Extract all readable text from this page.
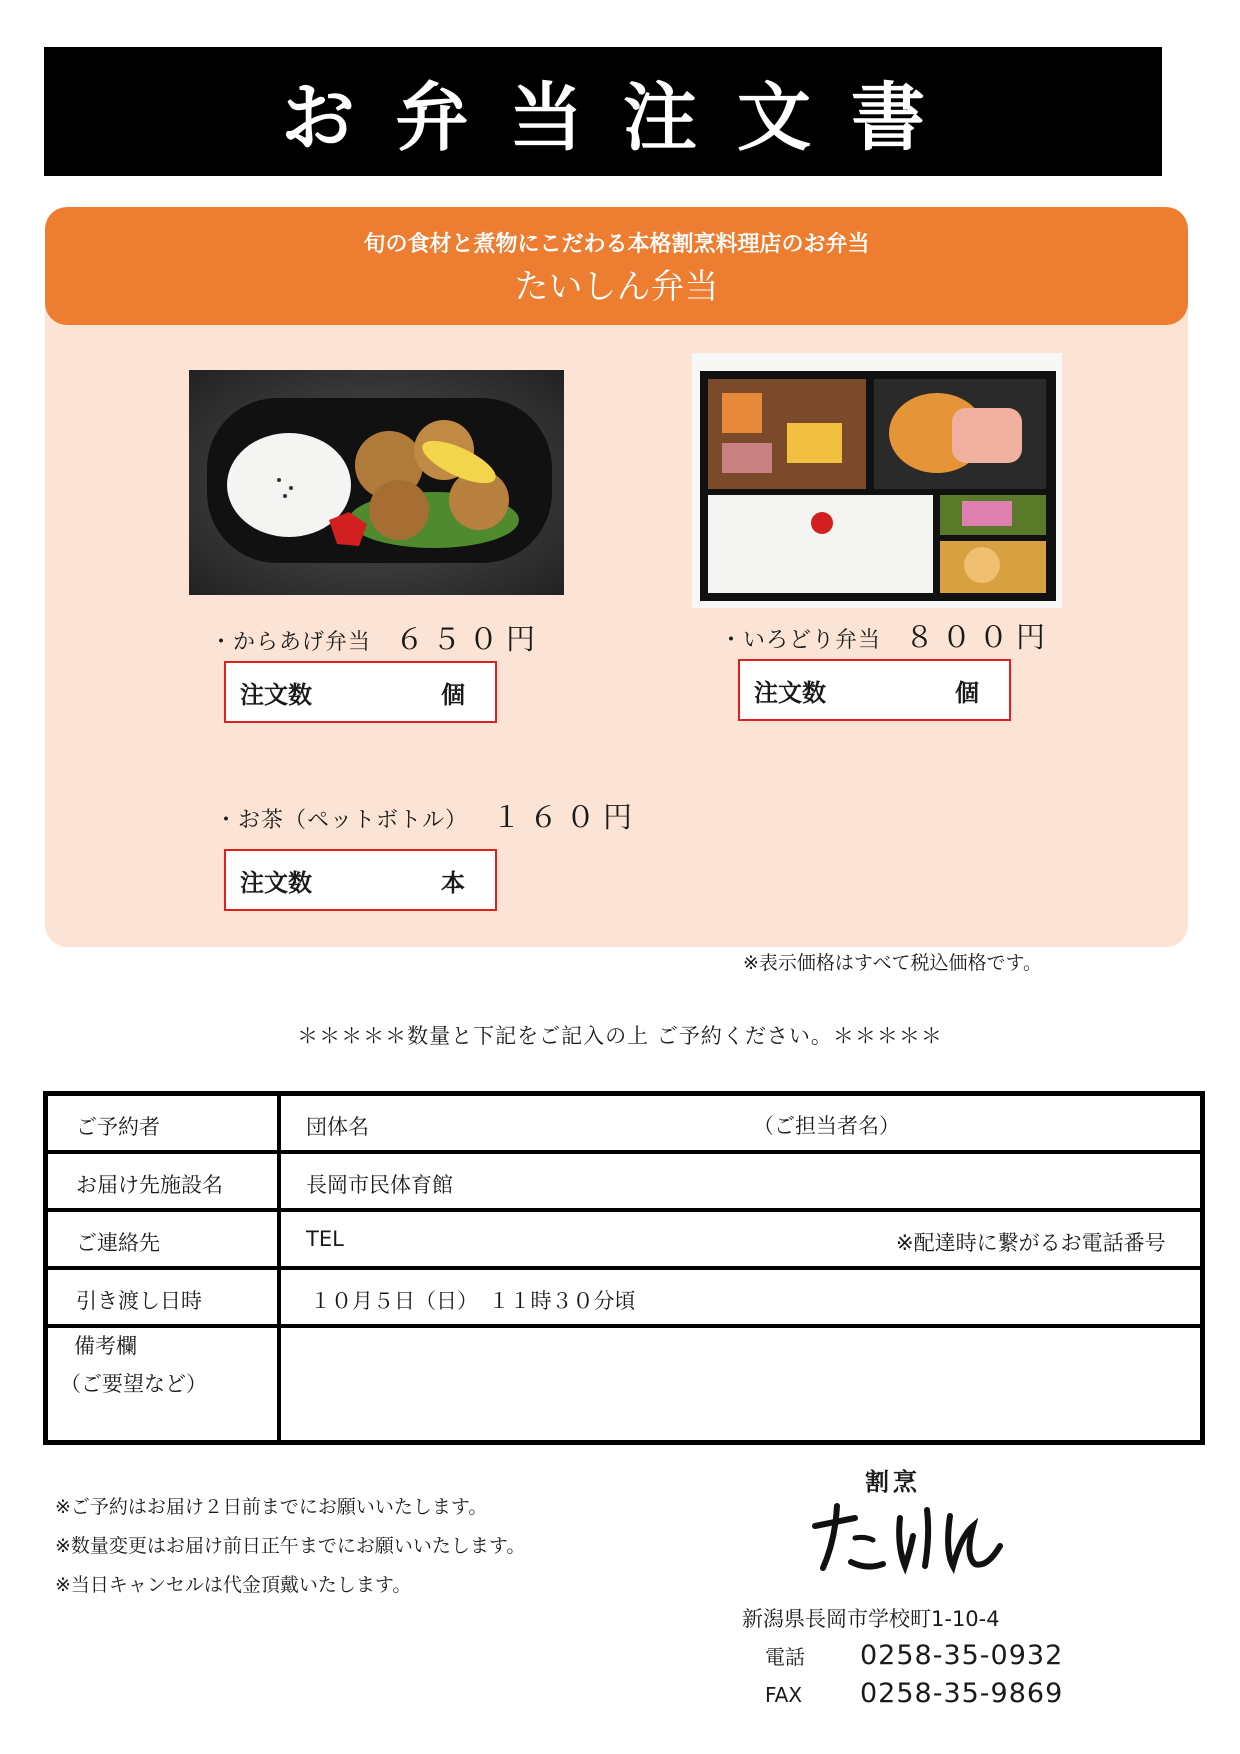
お弁当注文書
旬の食材と煮物にこだわる本格割烹料理店のお弁当
たいしん弁当
・からあげ弁当 ６５０円
注文数	個
・いろどり弁当 ８００円
注文数	個
・お茶（ペットボトル） １６０円
注文数	本
※表示価格はすべて税込価格です。
＊＊＊＊＊数量と下記をご記入の上 ご予約ください。＊＊＊＊＊
ご予約者	団体名	（ご担当者名）
お届け先施設名	長岡市民体育館
ご連絡先	TEL	※配達時に繋がるお電話番号
引き渡し日時	１０月５日（日）　１１時３０分頃
備考欄
（ご要望など）
※ご予約はお届け２日前までにお願いいたします。
※数量変更はお届け前日正午までにお願いいたします。
※当日キャンセルは代金頂戴いたします。
割烹
新潟県長岡市学校町1-10-4
電話	0258-35-0932
FAX	0258-35-9869
